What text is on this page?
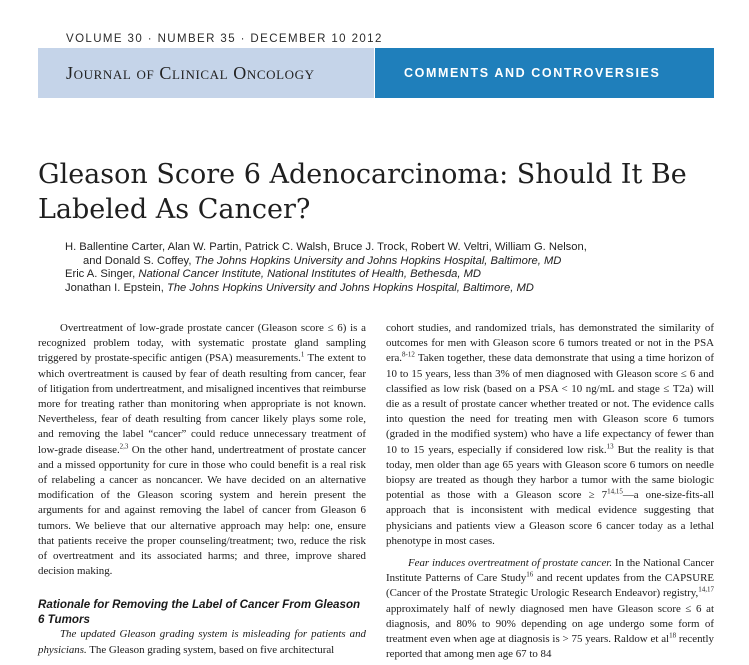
VOLUME 30 · NUMBER 35 · DECEMBER 10 2012
Journal of Clinical Oncology	COMMENTS AND CONTROVERSIES
Gleason Score 6 Adenocarcinoma: Should It Be Labeled As Cancer?
H. Ballentine Carter, Alan W. Partin, Patrick C. Walsh, Bruce J. Trock, Robert W. Veltri, William G. Nelson,
and Donald S. Coffey, The Johns Hopkins University and Johns Hopkins Hospital, Baltimore, MD
Eric A. Singer, National Cancer Institute, National Institutes of Health, Bethesda, MD
Jonathan I. Epstein, The Johns Hopkins University and Johns Hopkins Hospital, Baltimore, MD

Overtreatment of low-grade prostate cancer (Gleason score ≤ 6) is a recognized problem today, with systematic prostate gland sampling triggered by prostate-specific antigen (PSA) measurements.$^1$ The extent to which overtreatment is caused by fear of death resulting from cancer, fear of litigation from undertreatment, and misaligned incentives that reimburse more for treating rather than monitoring when appropriate is not known. Nevertheless, fear of death resulting from cancer likely plays some role, and removing the label “cancer” could reduce unnecessary treatment of low-grade disease.$^{2,3}$ On the other hand, undertreatment of prostate cancer and a missed opportunity for cure in those who could benefit is a real risk of relabeling a cancer as noncancer. We have decided on an alternative modification of the Gleason scoring system and herein present the arguments for and against removing the label of cancer from Gleason 6 tumors. We believe that our alternative approach may help: one, ensure that patients receive the proper counseling/treatment; two, reduce the risk of overtreatment and its associated harms; and three, improve shared decision making.

Rationale for Removing the Label of Cancer From Gleason 6 Tumors

The updated Gleason grading system is misleading for patients and physicians. The Gleason grading system, based on five architectural

cohort studies, and randomized trials, has demonstrated the similarity of outcomes for men with Gleason score 6 tumors treated or not in the PSA era.$^{8-12}$ Taken together, these data demonstrate that using a time horizon of 10 to 15 years, less than 3% of men diagnosed with Gleason score ≤ 6 and classified as low risk (based on a PSA < 10 ng/mL and stage ≤ T2a) will die as a result of prostate cancer whether treated or not. The evidence calls into question the need for treating men with Gleason score 6 tumors (graded in the modified system) who have a life expectancy of fewer than 10 to 15 years, especially if considered low risk.$^{13}$ But the reality is that today, men older than age 65 years with Gleason score 6 tumors on needle biopsy are treated as though they harbor a tumor with the same biologic potential as those with a Gleason score ≥ $7^{14,15}—a$ one-size-fits-all approach that is inconsistent with medical evidence suggesting that physicians and patients view a Gleason score 6 cancer today as a lethal phenotype in most cases.

Fear induces overtreatment of prostate cancer. In the National Cancer Institute Patterns of Care Study$^{16}$ and recent updates from the CAPSURE (Cancer of the Prostate Strategic Urologic Research Endeavor) registry,$^{14,17}$ approximately half of newly diagnosed men have Gleason score ≤ 6 at diagnosis, and 80% to 90% depending on age undergo some form of treatment even when age at diagnosis is > 75 years. Raldow et $al^{18}$ recently reported that among men age 67 to 84
